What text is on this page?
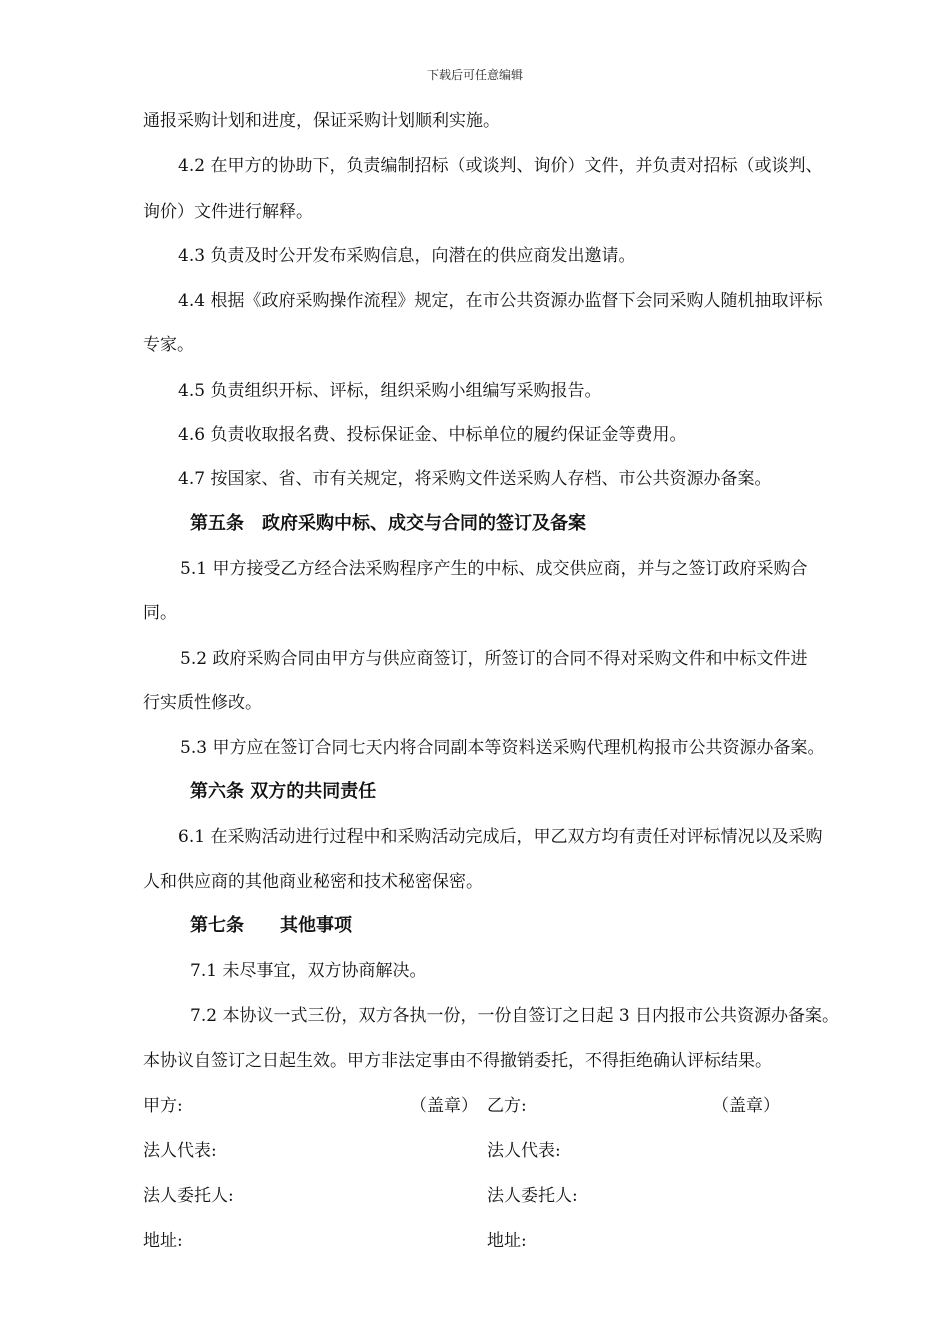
下载后可任意编辑
通报采购计划和进度，保证采购计划顺利实施。
4.2 在甲方的协助下，负责编制招标（或谈判、询价）文件，并负责对招标（或谈判、
询价）文件进行解释。
4.3 负责及时公开发布采购信息，向潜在的供应商发出邀请。
4.4 根据《政府采购操作流程》规定，在市公共资源办监督下会同采购人随机抽取评标
专家。
4.5 负责组织开标、评标，组织采购小组编写采购报告。
4.6 负责收取报名费、投标保证金、中标单位的履约保证金等费用。
4.7 按国家、省、市有关规定，将采购文件送采购人存档、市公共资源办备案。
第五条　政府采购中标、成交与合同的签订及备案
5.1 甲方接受乙方经合法采购程序产生的中标、成交供应商，并与之签订政府采购合
同。
5.2 政府采购合同由甲方与供应商签订，所签订的合同不得对采购文件和中标文件进
行实质性修改。
5.3 甲方应在签订合同七天内将合同副本等资料送采购代理机构报市公共资源办备案。
第六条 双方的共同责任
6.1 在采购活动进行过程中和采购活动完成后，甲乙双方均有责任对评标情况以及采购
人和供应商的其他商业秘密和技术秘密保密。
第七条　　其他事项
7.1 未尽事宜，双方协商解决。
7.2 本协议一式三份，双方各执一份，一份自签订之日起 3 日内报市公共资源办备案。
本协议自签订之日起生效。甲方非法定事由不得撤销委托，不得拒绝确认评标结果。
甲方:	（盖章） 乙方:	（盖章）
法人代表:	法人代表:
法人委托人:	法人委托人:
地址:	地址:
